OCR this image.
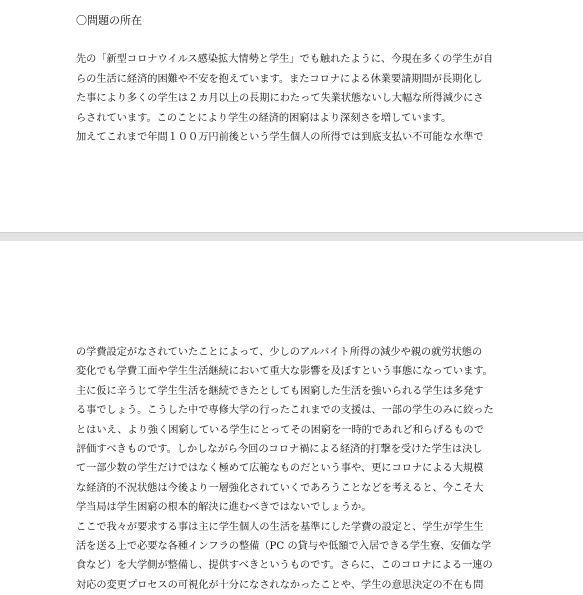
〇問題の所在
先の「新型コロナウイルス感染拡大情勢と学生」でも触れたように、今現在多くの学生が自
らの生活に経済的困難や不安を抱えています。またコロナによる休業要請期間が長期化し
た事により多くの学生は２カ月以上の長期にわたって失業状態ないし大幅な所得減少にさ
らされています。このことにより学生の経済的困窮はより深刻さを増しています。
加えてこれまで年間１００万円前後という学生個人の所得では到底支払い不可能な水準で
の学費設定がなされていたことによって、少しのアルバイト所得の減少や親の就労状態の
変化でも学費工面や学生生活継続において重大な影響を及ぼすという事態になっています。
主に仮に辛うじて学生生活を継続できたとしても困窮した生活を強いられる学生は多発す
る事でしょう。こうした中で専修大学の行ったこれまでの支援は、一部の学生のみに絞った
とはいえ、より強く困窮している学生にとってその困窮を一時的であれど和らげるもので
評価すべきものです。しかしながら今回のコロナ禍による経済的打撃を受けた学生は決し
て一部少数の学生だけではなく極めて広範なものだという事や、更にコロナによる大規模
な経済的不況状態は今後より一層強化されていくであろうことなどを考えると、今こそ大
学当局は学生困窮の根本的解決に進むべきではないでしょうか。
ここで我々が要求する事は主に学生個人の生活を基準にした学費の設定と、学生が学生生
活を送る上で必要な各種インフラの整備（PC の貸与や低額で入居できる学生寮、安価な学
食など）を大学側が整備し、提供すべきというものです。さらに、このコロナによる一連の
対応の変更プロセスの可視化が十分になされなかったことや、学生の意思決定の不在も問
